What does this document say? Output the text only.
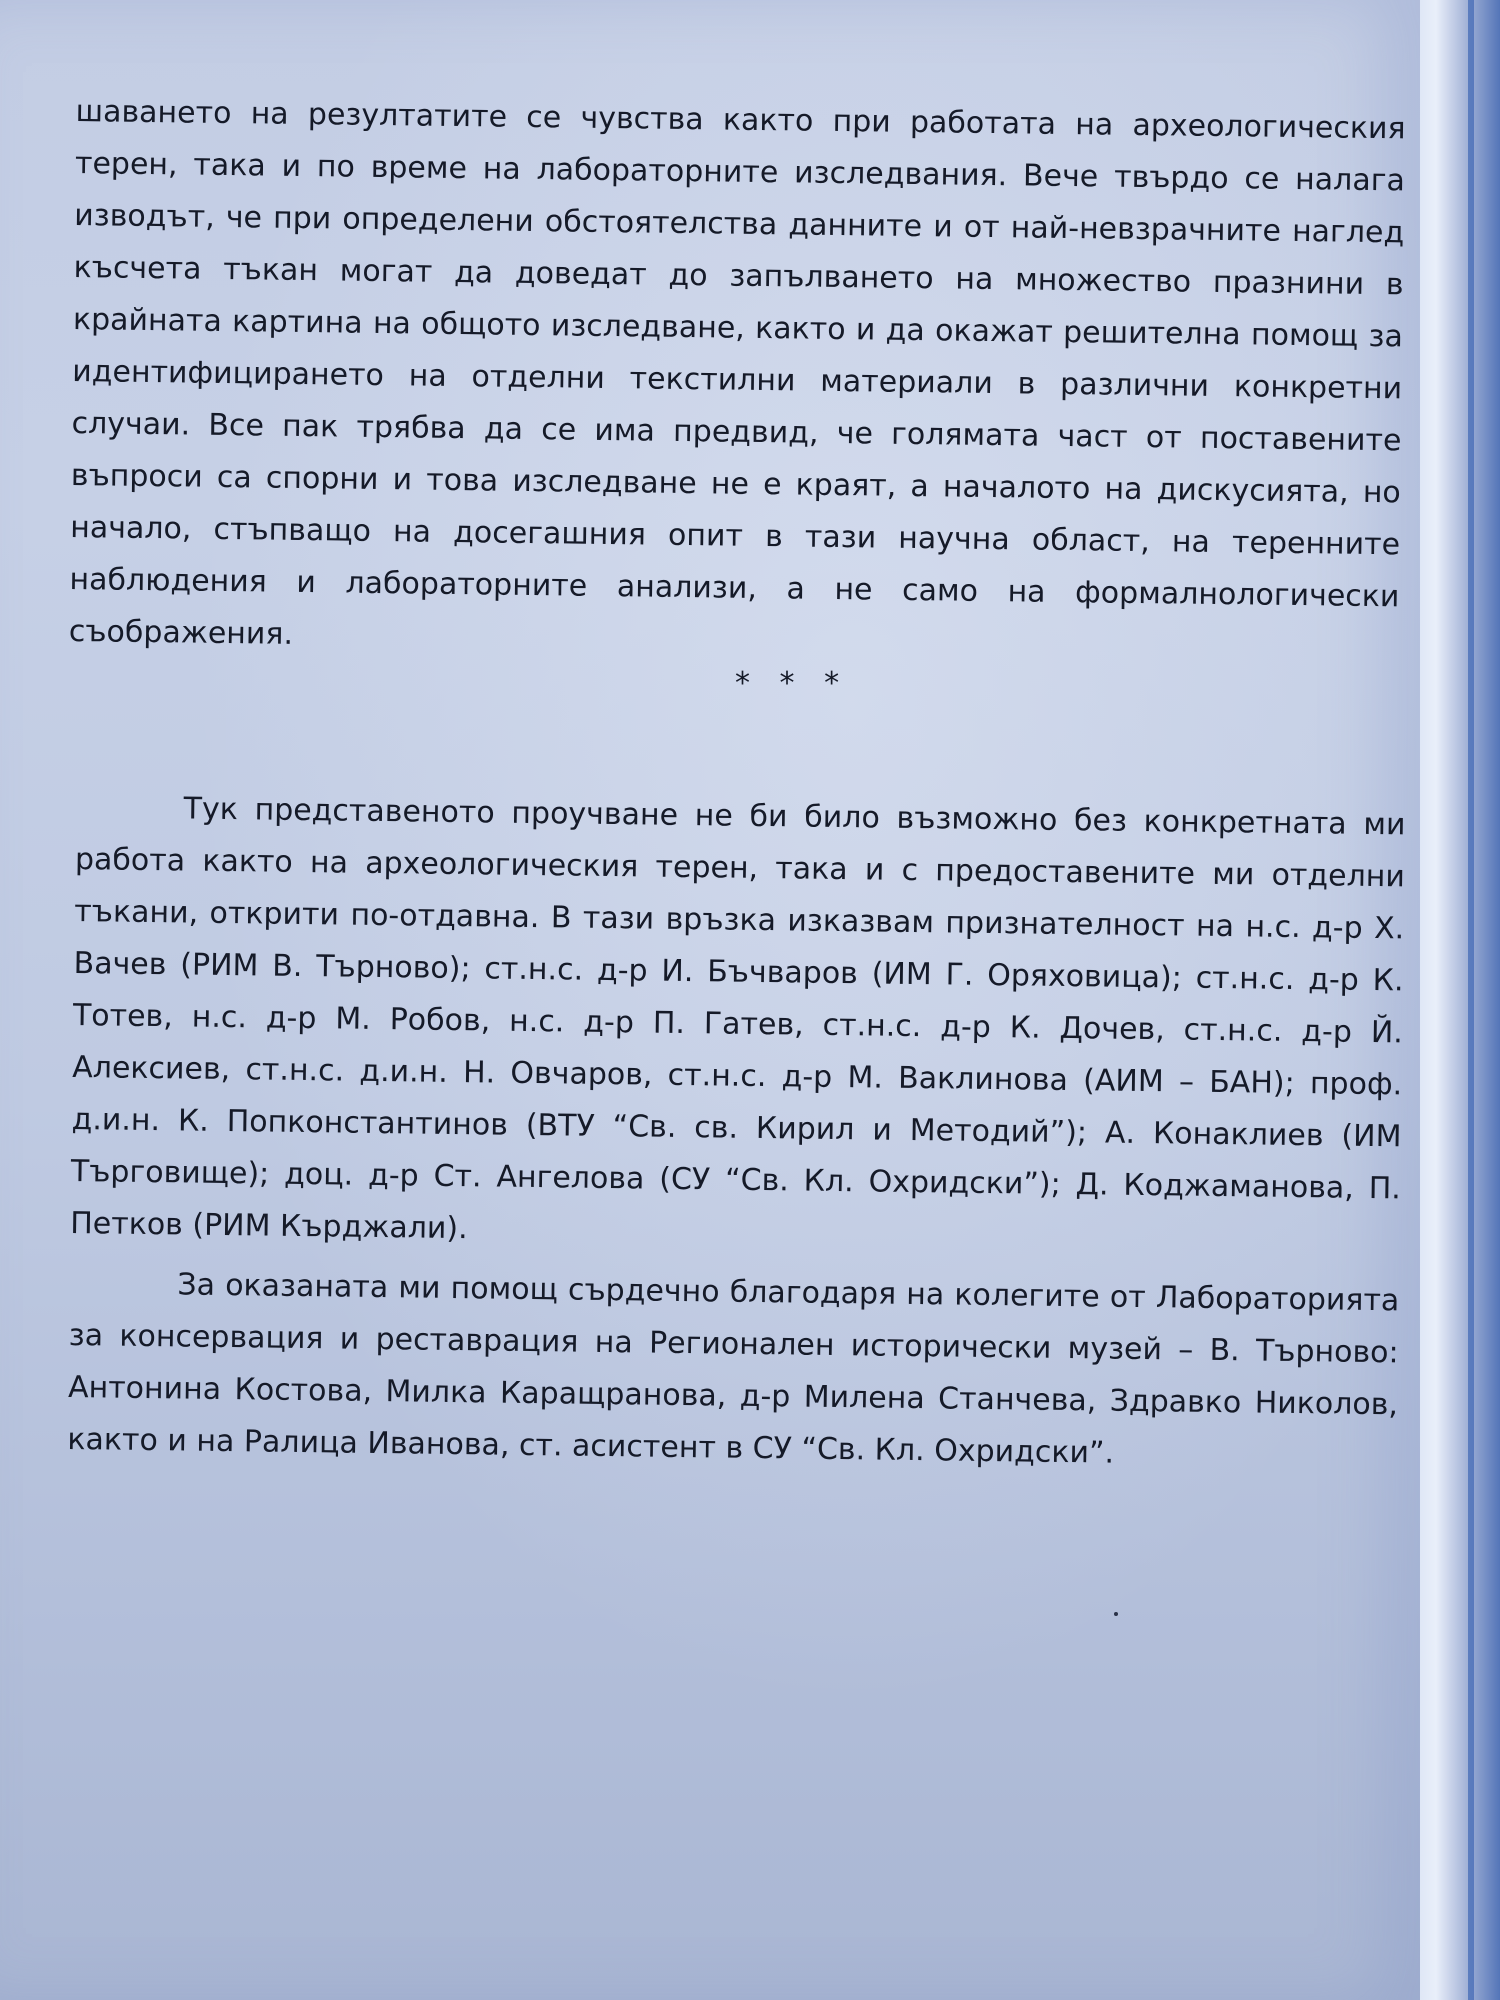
шаването на резултатите се чувства както при работата на археологическия терен, така и по време на лабораторните изследвания. Вече твърдо се налага изводът, че при определени обстоятелства данните и от най-невзрачните наглед късчета тъкан могат да доведат до запълването на множество празнини в крайната картина на общото изследване, както и да окажат решителна помощ за идентифицирането на отделни текстилни материали в различни конкретни случаи. Все пак трябва да се има предвид, че голямата част от поставените въпроси са спорни и това изследване не е краят, а началото на дискусията, но начало, стъпващо на досегашния опит в тази научна област, на теренните наблюдения и лабораторните анализи, а не само на формалнологически съображения.

* * *

Тук представеното проучване не би било възможно без конкретната ми работа както на археологическия терен, така и с предоставените ми отделни тъкани, открити по-отдавна. В тази връзка изказвам признателност на н.с. д-р Х. Вачев (РИМ В. Търново); ст.н.с. д-р И. Бъчваров (ИМ Г. Оряховица); ст.н.с. д-р К. Тотев, н.с. д-р М. Робов, н.с. д-р П. Гатев, ст.н.с. д-р К. Дочев, ст.н.с. д-р Й. Алексиев, ст.н.с. д.и.н. Н. Овчаров, ст.н.с. д-р М. Ваклинова (АИМ – БАН); проф. д.и.н. К. Попконстантинов (ВТУ “Св. св. Кирил и Методий”); А. Конаклиев (ИМ Търговище); доц. д-р Ст. Ангелова (СУ “Св. Кл. Охридски”); Д. Коджаманова, П. Петков (РИМ Кърджали).

За оказаната ми помощ сърдечно благодаря на колегите от Лабораторията за консервация и реставрация на Регионален исторически музей – В. Търново: Антонина Костова, Милка Каращранова, д-р Милена Станчева, Здравко Николов, както и на Ралица Иванова, ст. асистент в СУ “Св. Кл. Охридски”.
